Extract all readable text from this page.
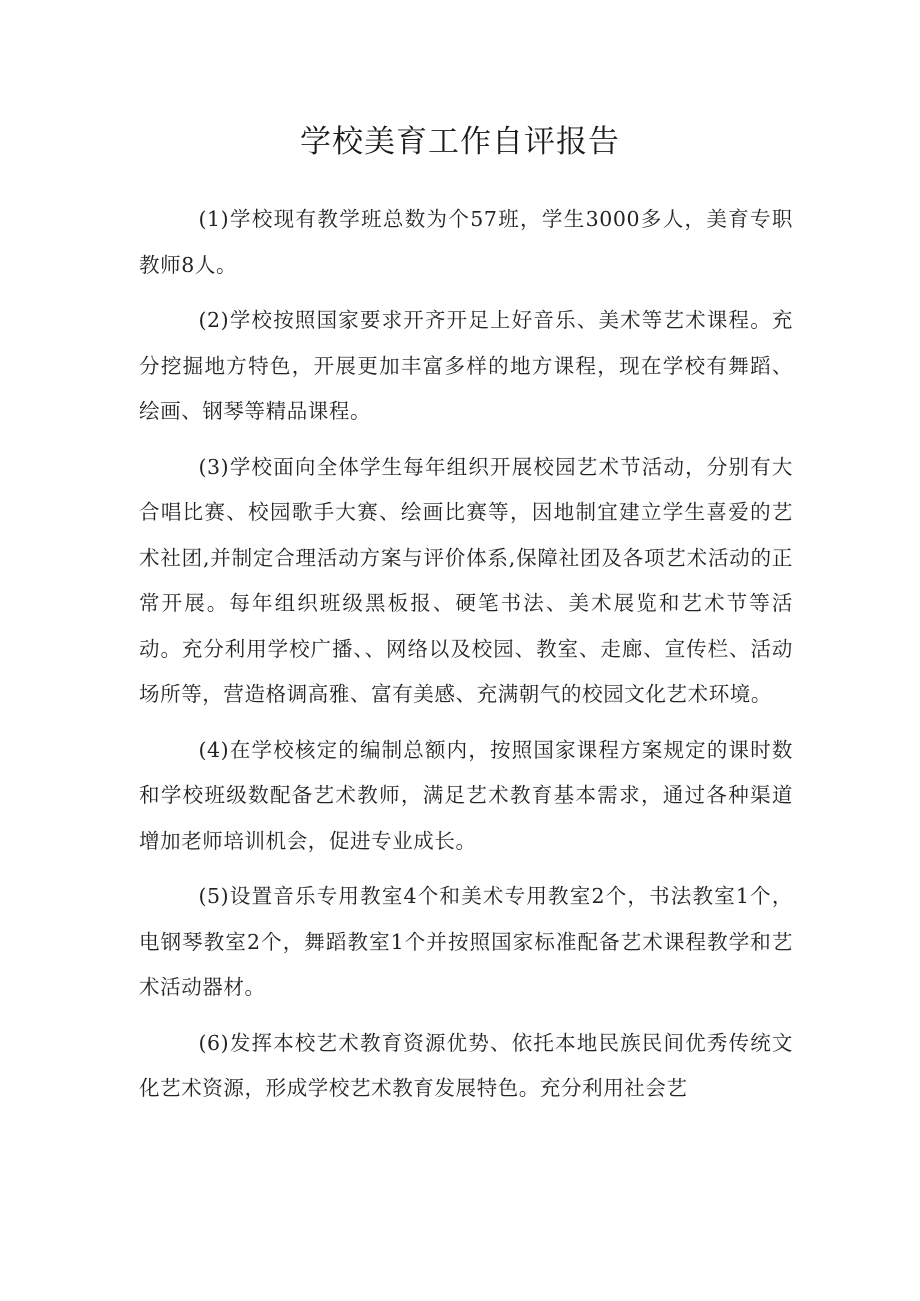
学校美育工作自评报告

(1)学校现有教学班总数为个57班，学生3000多人，美育专职教师8人。

(2)学校按照国家要求开齐开足上好音乐、美术等艺术课程。充分挖掘地方特色，开展更加丰富多样的地方课程，现在学校有舞蹈、绘画、钢琴等精品课程。

(3)学校面向全体学生每年组织开展校园艺术节活动，分别有大合唱比赛、校园歌手大赛、绘画比赛等，因地制宜建立学生喜爱的艺术社团,并制定合理活动方案与评价体系,保障社团及各项艺术活动的正常开展。每年组织班级黑板报、硬笔书法、美术展览和艺术节等活动。充分利用学校广播、、网络以及校园、教室、走廊、宣传栏、活动场所等，营造格调高雅、富有美感、充满朝气的校园文化艺术环境。

(4)在学校核定的编制总额内，按照国家课程方案规定的课时数和学校班级数配备艺术教师，满足艺术教育基本需求，通过各种渠道增加老师培训机会，促进专业成长。

(5)设置音乐专用教室4个和美术专用教室2个，书法教室1个，电钢琴教室2个，舞蹈教室1个并按照国家标准配备艺术课程教学和艺术活动器材。

(6)发挥本校艺术教育资源优势、依托本地民族民间优秀传统文化艺术资源，形成学校艺术教育发展特色。充分利用社会艺
